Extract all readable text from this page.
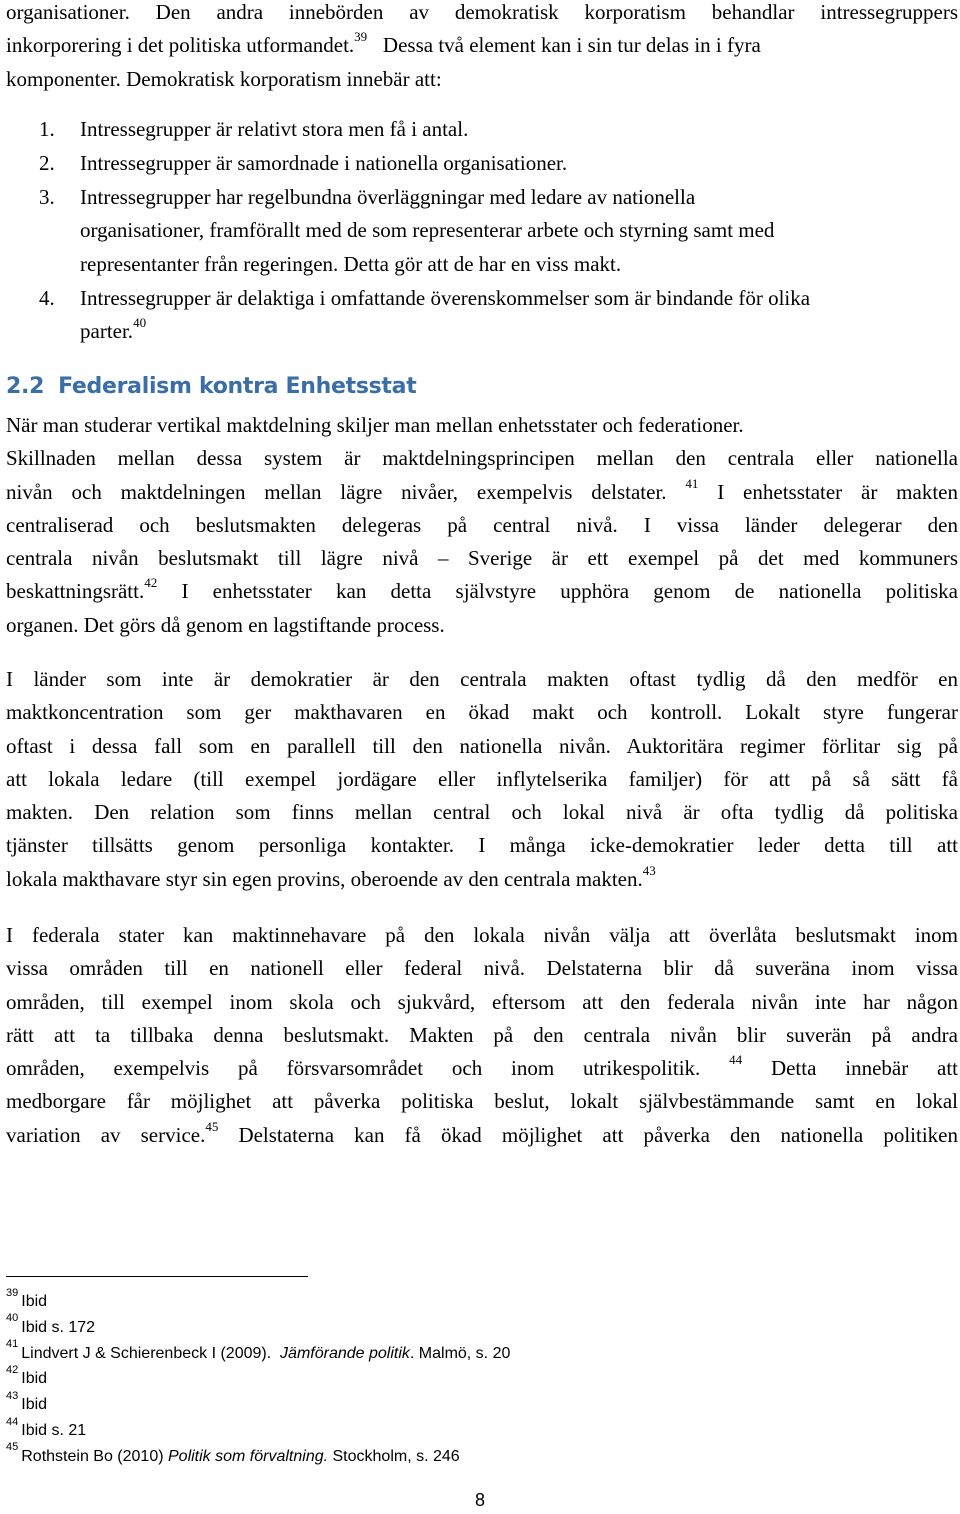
organisationer. Den andra innebörden av demokratisk korporatism behandlar intressegruppers
inkorporering i det politiska utformandet.$^{39}$ Dessa två element kan i sin tur delas in i fyra
komponenter. Demokratisk korporatism innebär att:
1. Intressegrupper är relativt stora men få i antal.
2. Intressegrupper är samordnade i nationella organisationer.
3. Intressegrupper har regelbundna överläggningar med ledare av nationella
organisationer, framförallt med de som representerar arbete och styrning samt med
representanter från regeringen. Detta gör att de har en viss makt.
4. Intressegrupper är delaktiga i omfattande överenskommelser som är bindande för olika
parter.$^{40}$
2.2 Federalism kontra Enhetsstat
När man studerar vertikal maktdelning skiljer man mellan enhetsstater och federationer.
Skillnaden mellan dessa system är maktdelningsprincipen mellan den centrala eller nationella
nivån och maktdelningen mellan lägre nivåer, exempelvis delstater. $^{41}$ I enhetsstater är makten
centraliserad och beslutsmakten delegeras på central nivå. I vissa länder delegerar den
centrala nivån beslutsmakt till lägre nivå – Sverige är ett exempel på det med kommuners
beskattningsrätt.$^{42}$ I enhetsstater kan detta självstyre upphöra genom de nationella politiska
organen. Det görs då genom en lagstiftande process.
I länder som inte är demokratier är den centrala makten oftast tydlig då den medför en
maktkoncentration som ger makthavaren en ökad makt och kontroll. Lokalt styre fungerar
oftast i dessa fall som en parallell till den nationella nivån. Auktoritära regimer förlitar sig på
att lokala ledare (till exempel jordägare eller inflytelserika familjer) för att på så sätt få
makten. Den relation som finns mellan central och lokal nivå är ofta tydlig då politiska
tjänster tillsätts genom personliga kontakter. I många icke-demokratier leder detta till att
lokala makthavare styr sin egen provins, oberoende av den centrala makten.$^{43}$
I federala stater kan maktinnehavare på den lokala nivån välja att överlåta beslutsmakt inom
vissa områden till en nationell eller federal nivå. Delstaterna blir då suveräna inom vissa
områden, till exempel inom skola och sjukvård, eftersom att den federala nivån inte har någon
rätt att ta tillbaka denna beslutsmakt. Makten på den centrala nivån blir suverän på andra
områden, exempelvis på försvarsområdet och inom utrikespolitik. $^{44}$ Detta innebär att
medborgare får möjlighet att påverka politiska beslut, lokalt självbestämmande samt en lokal
variation av service.$^{45}$ Delstaterna kan få ökad möjlighet att påverka den nationella politiken
$^{39}$Ibid
$^{40}$Ibid s. 172
$^{41}$Lindvert J & Schierenbeck I (2009).  Jämförande politik. Malmö, s. 20
$^{42}$Ibid
$^{43}$Ibid
$^{44}$Ibid s. 21
$^{45}$Rothstein Bo (2010) Politik som förvaltning. Stockholm, s. 246
8
